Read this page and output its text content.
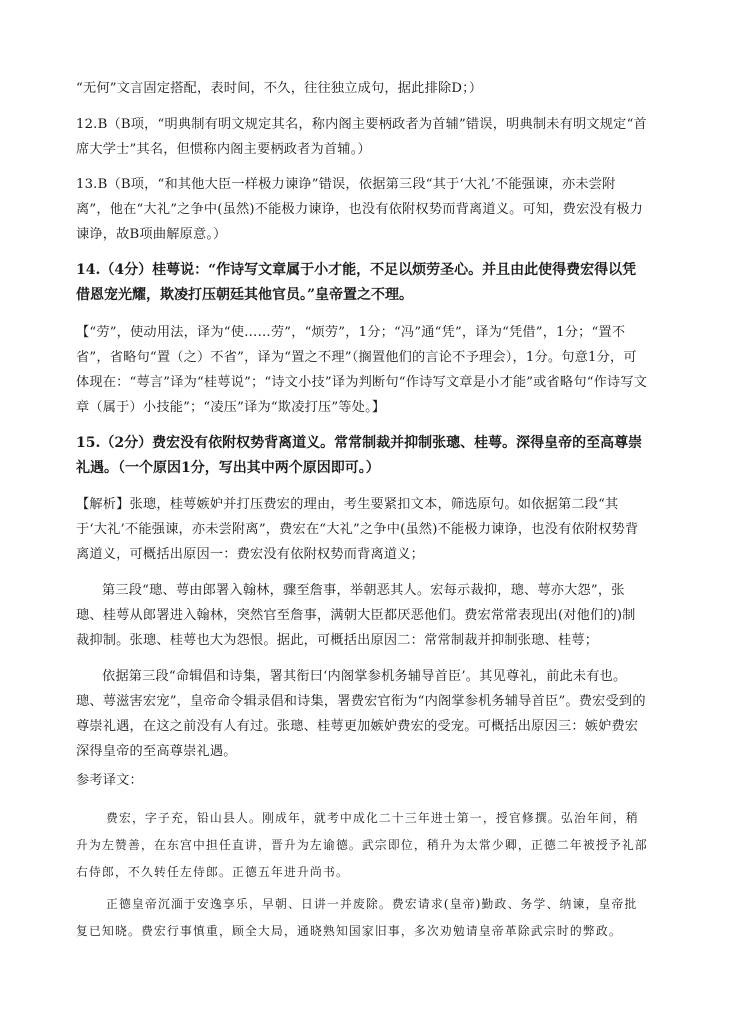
“无何”文言固定搭配，表时间，不久，往往独立成句，据此排除D；）

12.B（B项，“明典制有明文规定其名，称内阁主要柄政者为首辅”错误，明典制未有明文规定“首席大学士”其名，但惯称内阁主要柄政者为首辅。）

13.B（B项，“和其他大臣一样极力谏诤”错误，依据第三段“其于‘大礼’不能强谏，亦未尝附离”，他在“大礼”之争中(虽然)不能极力谏诤，也没有依附权势而背离道义。可知，费宏没有极力谏诤，故B项曲解原意。）

14.（4分）桂萼说：“作诗写文章属于小才能，不足以烦劳圣心。并且由此使得费宏得以凭借恩宠光耀，欺凌打压朝廷其他官员。”皇帝置之不理。

【“劳”，使动用法，译为“使……劳”，“烦劳”，1分；“冯”通“凭”，译为“凭借”，1分；“置不省”，省略句“置（之）不省”，译为“置之不理”（搁置他们的言论不予理会），1分。句意1分，可体现在：“萼言”译为“桂萼说”；“诗文小技”译为判断句“作诗写文章是小才能”或省略句“作诗写文章（属于）小技能”；“凌压”译为“欺凌打压”等处。】

15.（2分）费宏没有依附权势背离道义。常常制裁并抑制张璁、桂萼。深得皇帝的至高尊崇礼遇。（一个原因1分，写出其中两个原因即可。）

【解析】张璁，桂萼嫉妒并打压费宏的理由，考生要紧扣文本，筛选原句。如依据第二段“其于‘大礼’不能强谏，亦未尝附离”，费宏在“大礼”之争中(虽然)不能极力谏诤，也没有依附权势背离道义，可概括出原因一：费宏没有依附权势而背离道义；

第三段“璁、萼由郎署入翰林，骤至詹事，举朝恶其人。宏每示裁抑，璁、萼亦大怨”，张璁、桂萼从郎署进入翰林，突然官至詹事，满朝大臣都厌恶他们。费宏常常表现出(对他们的)制裁抑制。张璁、桂萼也大为怨恨。据此，可概括出原因二：常常制裁并抑制张璁、桂萼；

依据第三段“命辑倡和诗集，署其衔曰‘内阁掌参机务辅导首臣’。其见尊礼，前此未有也。璁、萼滋害宏宠”，皇帝命令辑录倡和诗集，署费宏官衔为“内阁掌参机务辅导首臣”。费宏受到的尊崇礼遇，在这之前没有人有过。张璁、桂萼更加嫉妒费宏的受宠。可概括出原因三：嫉妒费宏深得皇帝的至高尊崇礼遇。

参考译文：

费宏，字子充，铅山县人。刚成年，就考中成化二十三年进士第一，授官修撰。弘治年间，稍升为左赞善，在东宫中担任直讲，晋升为左谕德。武宗即位，稍升为太常少卿，正德二年被授予礼部右侍郎，不久转任左侍郎。正德五年进升尚书。

正德皇帝沉湎于安逸享乐，早朝、日讲一并废除。费宏请求(皇帝)勤政、务学、纳谏，皇帝批复已知晓。费宏行事慎重，顾全大局，通晓熟知国家旧事，多次劝勉请皇帝革除武宗时的弊政。
